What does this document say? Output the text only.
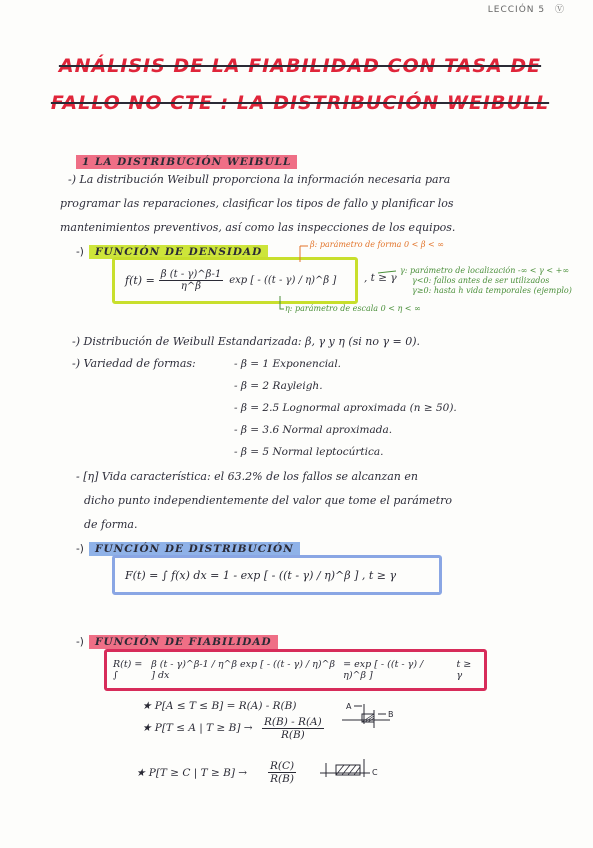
LECCIÓN 5 Ⓥ
ANÁLISIS DE LA FIABILIDAD CON TASA DE
FALLO NO CTE : LA DISTRIBUCIÓN WEIBULL
1 LA DISTRIBUCIÓN WEIBULL
-) La distribución Weibull proporciona la información necesaria para
programar las reparaciones, clasificar los tipos de fallo y planificar los
mantenimientos preventivos, así como las inspecciones de los equipos.
-) FUNCIÓN DE DENSIDAD
β: parámetro de forma 0 < β < ∞
$f(t) = \frac{\beta (t - \gamma)\^{}\beta-1}{\eta\^{}\beta}$ exp [ - ((t - γ) / η)^β ]	, t ≥ γ
γ: parámetro de localización -∞ < γ < +∞
γ<0: fallos antes de ser utilizados
γ≥0: hasta h vida temporales (ejemplo)
η: parámetro de escala 0 < η < ∞
-) Distribución de Weibull Estandarizada: β, γ y η (si no γ = 0).
-) Variedad de formas:	- β = 1 Exponencial.
- β = 2 Rayleigh.
- β = 2.5 Lognormal aproximada (n ≥ 50).
- β = 3.6 Normal aproximada.
- β = 5 Normal leptocúrtica.
- [η] Vida característica: el 63.2% de los fallos se alcanzan en
dicho punto independientemente del valor que tome el parámetro
de forma.
-) FUNCIÓN DE DISTRIBUCIÓN
F(t) = ∫ f(x) dx = 1 - exp [ - ((t - γ) / η)^β ] , t ≥ γ
-) FUNCIÓN DE FIABILIDAD
R(t) = ∫
β (t - γ)^β-1 / η^β exp [ - ((t - γ) / η)^β ] dx
= exp [ - ((t - γ) / η)^β ]
t ≥ γ
★ P[A ≤ T ≤ B] = R(A) - R(B)
★ P[T ≤ A | $T \ge B] \to \frac{R(B) - R(A)}{R(B)}$
★ P[T ≥ C | $T \ge B] \to \frac{R(C)}{R(B)}$
A
B
C
